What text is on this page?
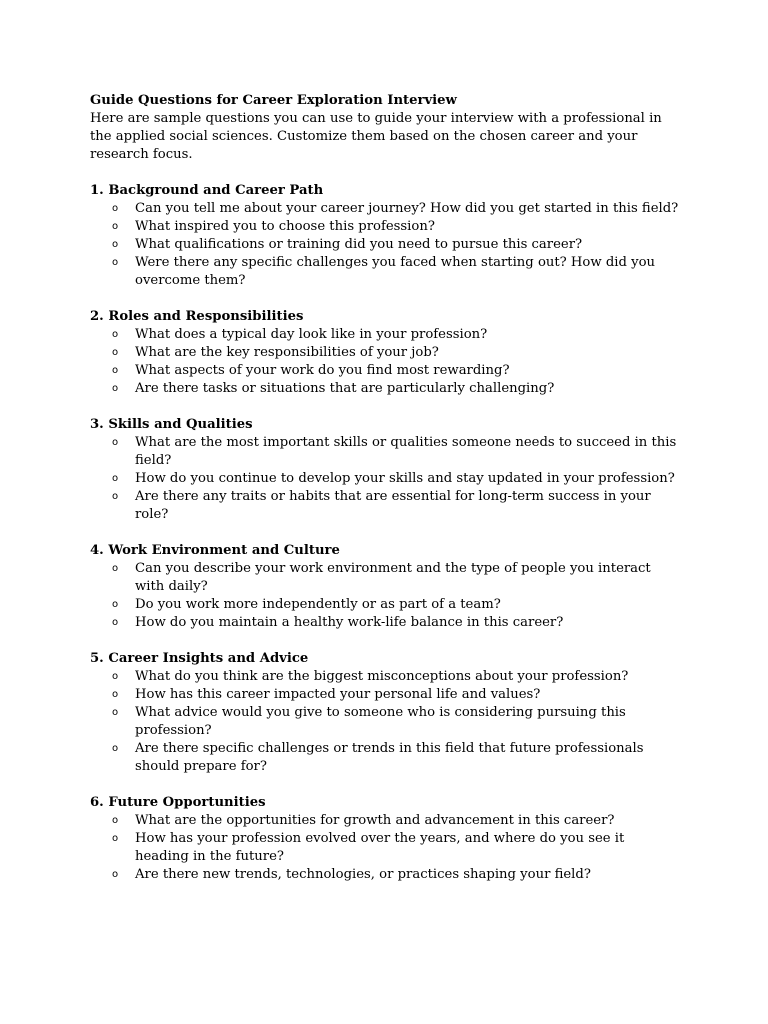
Guide Questions for Career Exploration Interview

Here are sample questions you can use to guide your interview with a professional in the applied social sciences. Customize them based on the chosen career and your research focus.

1. Background and Career Path

o Can you tell me about your career journey? How did you get started in this field?
o What inspired you to choose this profession?
o What qualifications or training did you need to pursue this career?
o Were there any specific challenges you faced when starting out? How did you overcome them?

2. Roles and Responsibilities

o What does a typical day look like in your profession?
o What are the key responsibilities of your job?
o What aspects of your work do you find most rewarding?
o Are there tasks or situations that are particularly challenging?

3. Skills and Qualities

o What are the most important skills or qualities someone needs to succeed in this field?
o How do you continue to develop your skills and stay updated in your profession?
o Are there any traits or habits that are essential for long-term success in your role?

4. Work Environment and Culture

o Can you describe your work environment and the type of people you interact with daily?
o Do you work more independently or as part of a team?
o How do you maintain a healthy work-life balance in this career?

5. Career Insights and Advice

o What do you think are the biggest misconceptions about your profession?
o How has this career impacted your personal life and values?
o What advice would you give to someone who is considering pursuing this profession?
o Are there specific challenges or trends in this field that future professionals should prepare for?

6. Future Opportunities

o What are the opportunities for growth and advancement in this career?
o How has your profession evolved over the years, and where do you see it heading in the future?
o Are there new trends, technologies, or practices shaping your field?
